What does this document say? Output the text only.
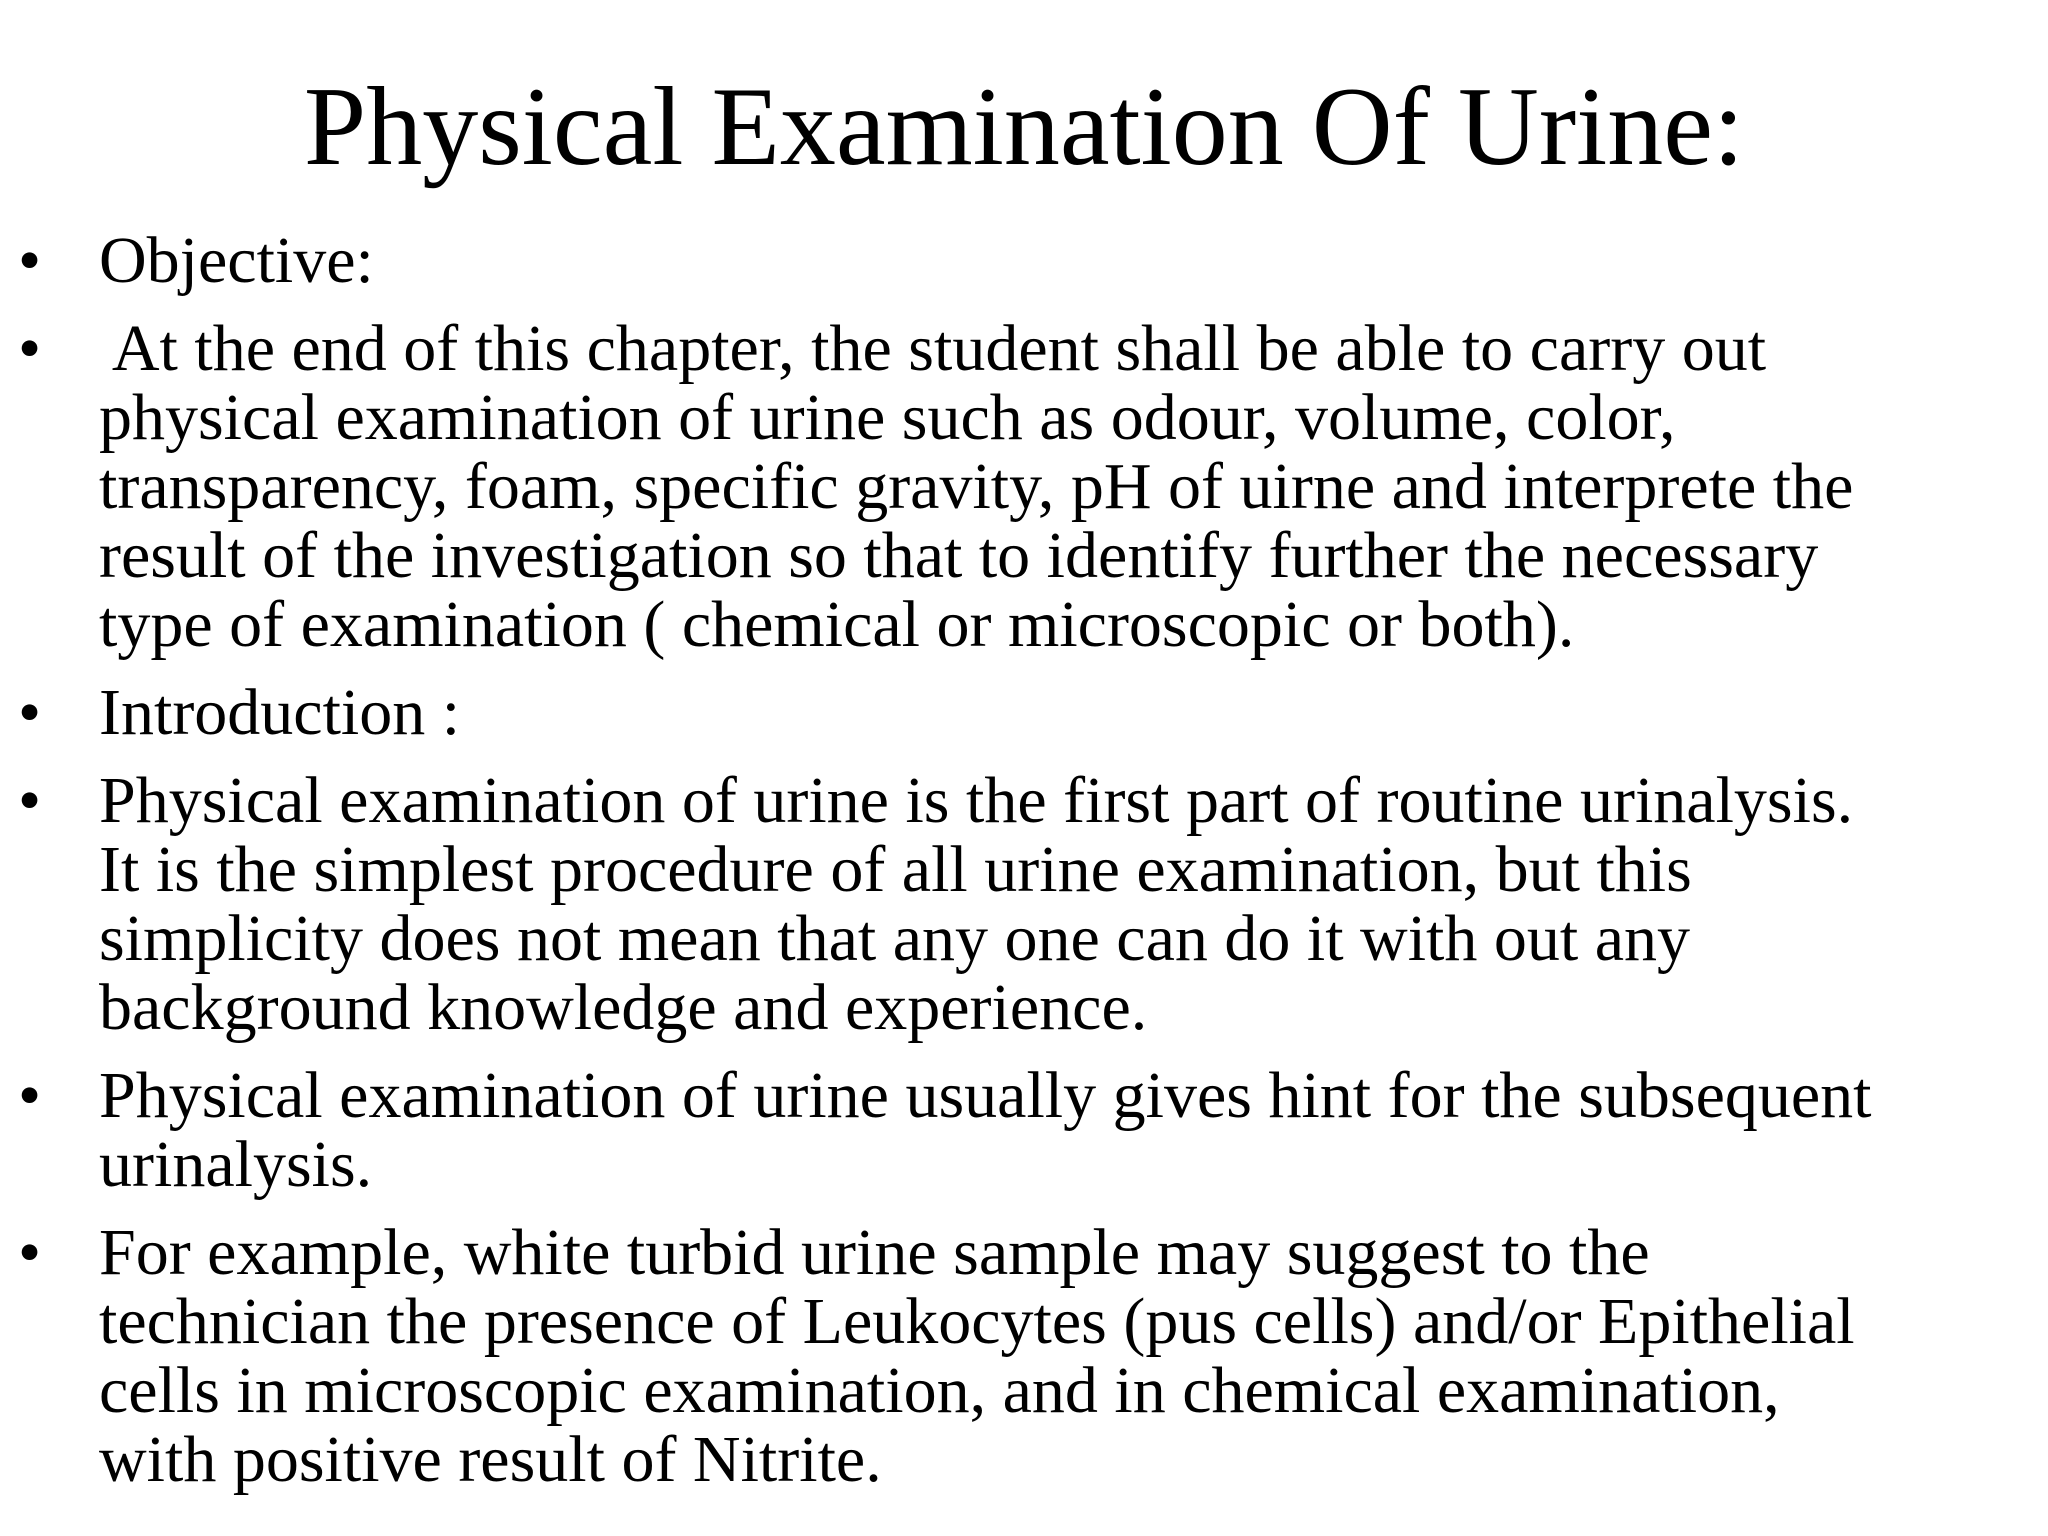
Physical Examination Of Urine:
• Objective:
• At the end of this chapter, the student shall be able to carry out
physical examination of urine such as odour, volume, color,
transparency, foam, specific gravity, pH of uirne and interprete the
result of the investigation so that to identify further the necessary
type of examination ( chemical or microscopic or both).
• Introduction :
• Physical examination of urine is the first part of routine urinalysis.
It is the simplest procedure of all urine examination, but this
simplicity does not mean that any one can do it with out any
background knowledge and experience.
• Physical examination of urine usually gives hint for the subsequent
urinalysis.
• For example, white turbid urine sample may suggest to the
technician the presence of Leukocytes (pus cells) and/or Epithelial
cells in microscopic examination, and in chemical examination,
with positive result of Nitrite.
